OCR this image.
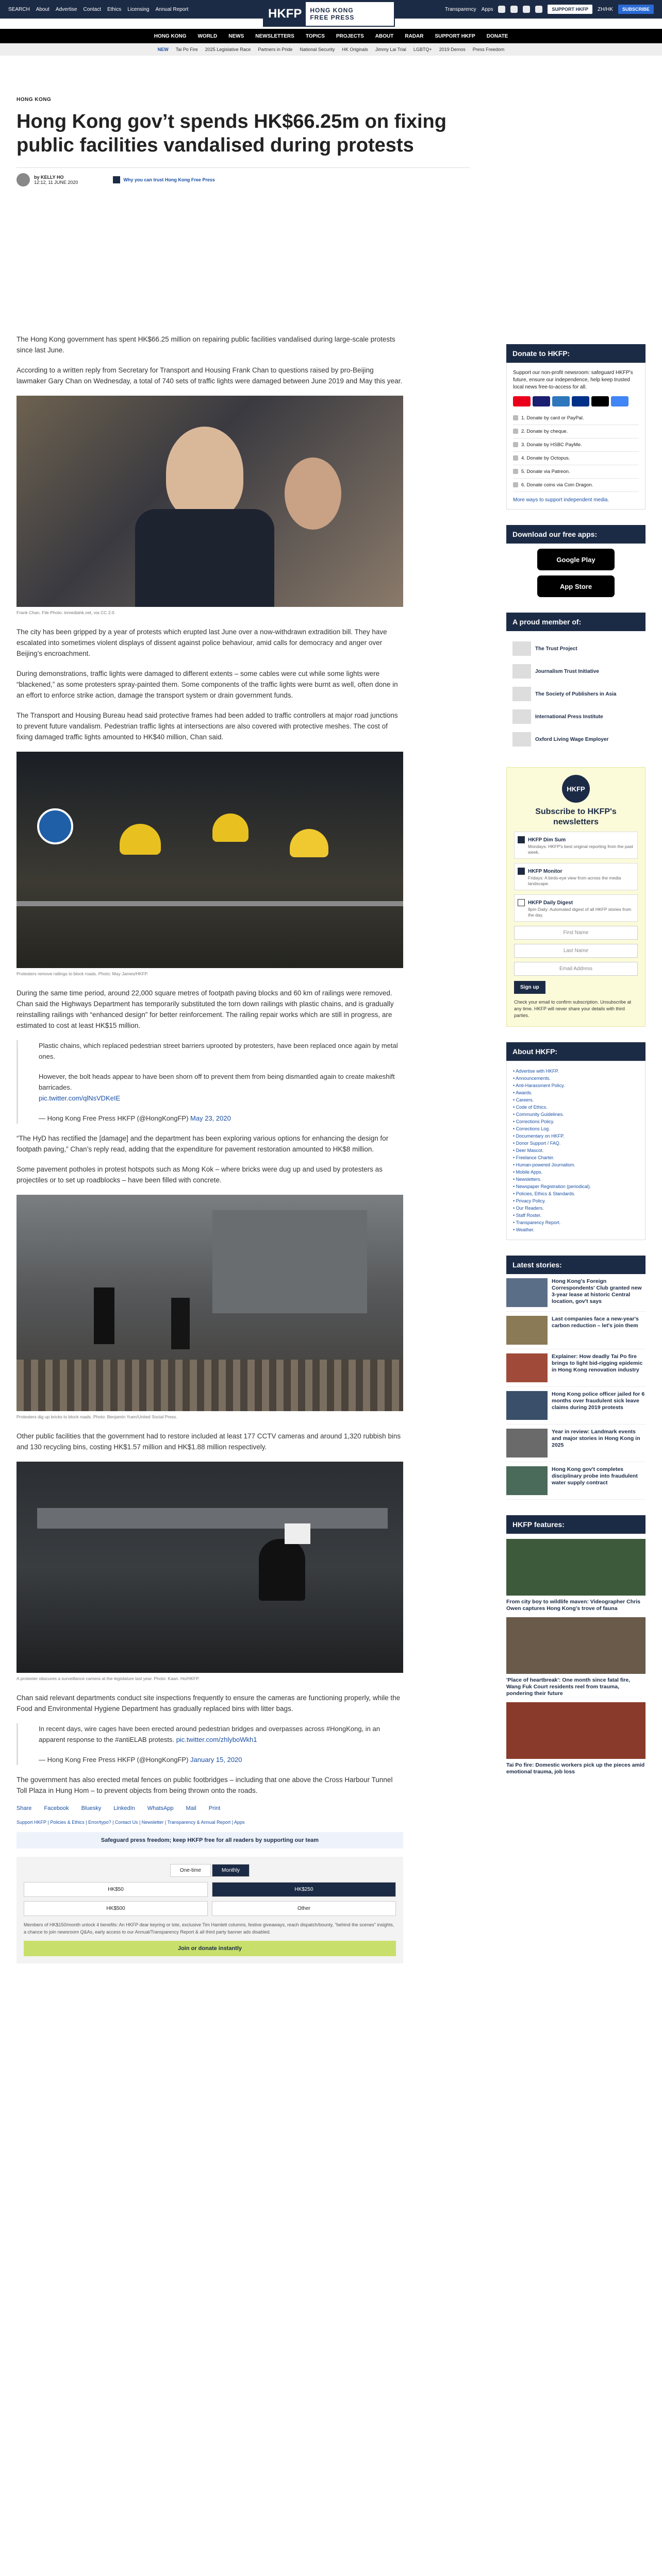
SEARCH About Advertise Contact Ethics Licensing Annual Report	Transparency Apps	SUPPORT HKFP	ZH/HK	SUBSCRIBE
HKFP	HONG KONG
FREE PRESS
HONG KONG WORLD NEWS NEWSLETTERS TOPICS PROJECTS ABOUT RADAR SUPPORT HKFP DONATE
NEW Tai Po Fire 2025 Legislative Race Partners in Pride National Security HK Originals Jimmy Lai Trial LGBTQ+ 2019 Demos Press Freedom
HONG KONG
Hong Kong gov’t spends HK$66.25m on fixing public facilities vandalised during protests
by KELLY HO
12:12, 11 JUNE 2020	Why you can trust Hong Kong Free Press

The Hong Kong government has spent HK$66.25 million on repairing public facilities vandalised during large-scale protests since last June.

According to a written reply from Secretary for Transport and Housing Frank Chan to questions raised by pro-Beijing lawmaker Gary Chan on Wednesday, a total of 740 sets of traffic lights were damaged between June 2019 and May this year.

Frank Chan. File Photo: inmediahk.net, via CC 2.0.

The city has been gripped by a year of protests which erupted last June over a now-withdrawn extradition bill. They have escalated into sometimes violent displays of dissent against police behaviour, amid calls for democracy and anger over Beijing’s encroachment.

During demonstrations, traffic lights were damaged to different extents – some cables were cut while some lights were “blackened,” as some protesters spray-painted them. Some components of the traffic lights were burnt as well, often done in an effort to enforce strike action, damage the transport system or drain government funds.

The Transport and Housing Bureau head said protective frames had been added to traffic controllers at major road junctions to prevent future vandalism. Pedestrian traffic lights at intersections are also covered with protective meshes. The cost of fixing damaged traffic lights amounted to HK$40 million, Chan said.

Protesters remove railings to block roads. Photo: May James/HKFP.

During the same time period, around 22,000 square metres of footpath paving blocks and 60 km of railings were removed. Chan said the Highways Department has temporarily substituted the torn down railings with plastic chains, and is gradually reinstalling railings with “enhanced design” for better reinforcement. The railing repair works which are still in progress, are estimated to cost at least HK$15 million.

Plastic chains, which replaced pedestrian street barriers uprooted by protesters, have been replaced once again by metal ones.

However, the bolt heads appear to have been shorn off to prevent them from being dismantled again to create makeshift barricades.
pic.twitter.com/qlNsVDKeIE

— Hong Kong Free Press HKFP (@HongKongFP) May 23, 2020

“The HyD has rectified the [damage] and the department has been exploring various options for enhancing the design for footpath paving,” Chan’s reply read, adding that the expenditure for pavement restoration amounted to HK$8 million.

Some pavement potholes in protest hotspots such as Mong Kok – where bricks were dug up and used by protesters as projectiles or to set up roadblocks – have been filled with concrete.

Protesters dig up bricks to block roads. Photo: Benjamin Yuen/United Social Press.

Other public facilities that the government had to restore included at least 177 CCTV cameras and around 1,320 rubbish bins and 130 recycling bins, costing HK$1.57 million and HK$1.88 million respectively.

A protester obscures a surveillance camera at the legislature last year. Photo: Kaan. Ho/HKFP.

Chan said relevant departments conduct site inspections frequently to ensure the cameras are functioning properly, while the Food and Environmental Hygiene Department has gradually replaced bins with litter bags.

In recent days, wire cages have been erected around pedestrian bridges and overpasses across #HongKong, in an apparent response to the #antiELAB protests. pic.twitter.com/zhlyboWkh1

— Hong Kong Free Press HKFP (@HongKongFP) January 15, 2020

The government has also erected metal fences on public footbridges – including that one above the Cross Harbour Tunnel Toll Plaza in Hung Hom – to prevent objects from being thrown onto the roads.

Share Facebook Bluesky LinkedIn WhatsApp Mail Print
Support HKFP | Policies & Ethics | Error/typo? | Contact Us | Newsletter | Transparency & Annual Report | Apps
Safeguard press freedom; keep HKFP free for all readers by supporting our team
One-time	Monthly
HK$50	HK$250
HK$500	Other
Members of HK$150/month unlock 4 benefits: An HKFP dear keyring or tote, exclusive Tim Hamlett columns, festive giveaways, reach dispatch/bounty, "behind the scenes" insights, a chance to join newsroom Q&As, early access to our Annual/Transparency Report & all third party banner ads disabled.
Join or donate instantly
Donate to HKFP:
Support our non-profit newsroom: safeguard HKFP's future, ensure our independence, help keep trusted local news free-to-access for all.
1. Donate by card or PayPal.
2. Donate by cheque.
3. Donate by HSBC PayMe.
4. Donate by Octopus.
5. Donate via Patreon.
6. Donate coins via Coin Dragon.
More ways to support independent media.
Download our free apps:
Google Play
App Store
A proud member of:
The Trust Project
Journalism Trust Initiative
The Society of Publishers in Asia
International Press Institute
Oxford Living Wage Employer
HKFP
Subscribe to HKFP's newsletters
HKFP Dim Sum
Mondays: HKFP's best original reporting from the past week.
HKFP Monitor
Fridays: A birds-eye view from across the media landscape.
HKFP Daily Digest
9pm Daily: Automated digest of all HKFP stories from the day.
First Name
Last Name
Email Address
Sign up
Check your email to confirm subscription. Unsubscribe at any time. HKFP will never share your details with third parties.
About HKFP:
• Advertise with HKFP.
• Announcements.
• Anti-Harassment Policy.
• Awards.
• Careers.
• Code of Ethics.
• Community Guidelines.
• Corrections Policy.
• Corrections Log.
• Documentary on HKFP.
• Donor Support / FAQ.
• Deer Mascot.
• Freelance Charter.
• Human-powered Journalism.
• Mobile Apps.
• Newsletters.
• Newspaper Registration (periodical).
• Policies, Ethics & Standards.
• Privacy Policy.
• Our Readers.
• Staff Roster.
• Transparency Report.
• Weather.
Latest stories:
Hong Kong's Foreign Correspondents' Club granted new 3-year lease at historic Central location, gov't says
Last companies face a new-year's carbon reduction – let's join them
Explainer: How deadly Tai Po fire brings to light bid-rigging epidemic in Hong Kong renovation industry
Hong Kong police officer jailed for 6 months over fraudulent sick leave claims during 2019 protests
Year in review: Landmark events and major stories in Hong Kong in 2025
Hong Kong gov't completes disciplinary probe into fraudulent water supply contract
HKFP features:
From city boy to wildlife maven: Videographer Chris Owen captures Hong Kong's trove of fauna
'Place of heartbreak': One month since fatal fire, Wang Fuk Court residents reel from trauma, pondering their future
Tai Po fire: Domestic workers pick up the pieces amid emotional trauma, job loss
